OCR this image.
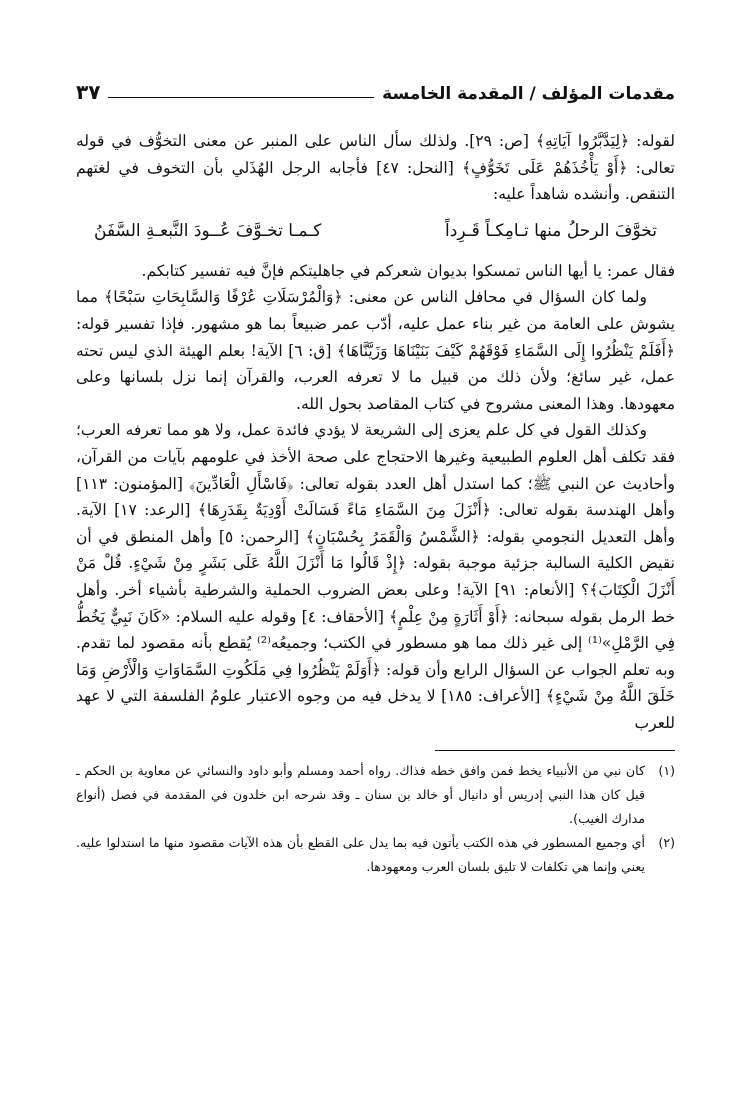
مقدمات المؤلف / المقدمة الخامسة
٣٧

لقوله: ﴿لِيَدَّبَّرُوا آيَاتِهِ﴾ [ص: ٢٩]. ولذلك سأل الناس على المنبر عن معنى التخوُّف في قوله تعالى: ﴿أَوْ يَأْخُذَهُمْ عَلَى تَخَوُّفٍ﴾ [النحل: ٤٧] فأجابه الرجل الهُذَلي بأن التخوف في لغتهم التنقص. وأنشده شاهداً عليه:

تخوَّفَ الرحلُ منها تـامِكـاً قَـرِداً
كـمـا تخـوَّفَ عُــودَ النَّبعـةِ السَّفَنُ

فقال عمر: يا أيها الناس تمسكوا بديوان شعركم في جاهليتكم فإنَّ فيه تفسير كتابكم.

ولما كان السؤال في محافل الناس عن معنى: ﴿وَالْمُرْسَلَاتِ عُرْفًا وَالسَّابِحَاتِ سَبْحًا﴾ مما يشوش على العامة من غير بناء عمل عليه، أدّب عمر ضبيعاً بما هو مشهور. فإذا تفسير قوله: ﴿أَفَلَمْ يَنْظُرُوا إِلَى السَّمَاءِ فَوْقَهُمْ كَيْفَ بَنَيْنَاهَا وَزَيَّنَّاهَا﴾ [ق: ٦] الآية! بعلم الهيئة الذي ليس تحته عمل، غير سائغ؛ ولأن ذلك من قبيل ما لا تعرفه العرب، والقرآن إنما نزل بلسانها وعلى معهودها. وهذا المعنى مشروح في كتاب المقاصد بحول الله.

وكذلك القول في كل علم يعزى إلى الشريعة لا يؤدي فائدة عمل، ولا هو مما تعرفه العرب؛ فقد تكلف أهل العلوم الطبيعية وغيرها الاحتجاج على صحة الأخذ في علومهم بآيات من القرآن، وأحاديث عن النبي ﷺ؛ كما استدل أهل العدد بقوله تعالى: ﴿فَاسْأَلِ الْعَادِّينَ﴾ [المؤمنون: ١١٣] وأهل الهندسة بقوله تعالى: ﴿أَنْزَلَ مِنَ السَّمَاءِ مَاءً فَسَالَتْ أَوْدِيَةٌ بِقَدَرِهَا﴾ [الرعد: ١٧] الآية. وأهل التعديل النجومي بقوله: ﴿الشَّمْسُ وَالْقَمَرُ بِحُسْبَانٍ﴾ [الرحمن: ٥] وأهل المنطق في أن نقيض الكلية السالبة جزئية موجبة بقوله: ﴿إِذْ قَالُوا مَا أَنْزَلَ اللَّهُ عَلَى بَشَرٍ مِنْ شَيْءٍ. قُلْ مَنْ أَنْزَلَ الْكِتَابَ﴾؟ [الأنعام: ٩١] الآية! وعلى بعض الضروب الحملية والشرطية بأشياء أخر. وأهل خط الرمل بقوله سبحانه: ﴿أَوْ أَثَارَةٍ مِنْ عِلْمٍ﴾ [الأحقاف: ٤] وقوله عليه السلام: «كَانَ نَبِيٌّ يَخُطُّ فِي الرَّمْلِ»⁽¹⁾ إلى غير ذلك مما هو مسطور في الكتب؛ وجميعُه⁽²⁾ يُقطع بأنه مقصود لما تقدم. وبه تعلم الجواب عن السؤال الرابع وأن قوله: ﴿أَوَلَمْ يَنْظُرُوا فِي مَلَكُوتِ السَّمَاوَاتِ وَالْأَرْضِ وَمَا خَلَقَ اللَّهُ مِنْ شَيْءٍ﴾ [الأعراف: ١٨٥] لا يدخل فيه من وجوه الاعتبار علومُ الفلسفة التي لا عهد للعرب

(١)
كان نبي من الأنبياء يخط فمن وافق خطه فذاك. رواه أحمد ومسلم وأبو داود والنسائي عن معاوية بن الحكم ـ قيل كان هذا النبي إدريس أو دانيال أو خالد بن سنان ـ وقد شرحه ابن خلدون في المقدمة في فصل (أنواع مدارك الغيب).
(٢)
أي وجميع المسطور في هذه الكتب يأتون فيه بما يدل على القطع بأن هذه الآيات مقصود منها ما استدلوا عليه. يعني وإنما هي تكلفات لا تليق بلسان العرب ومعهودها.
